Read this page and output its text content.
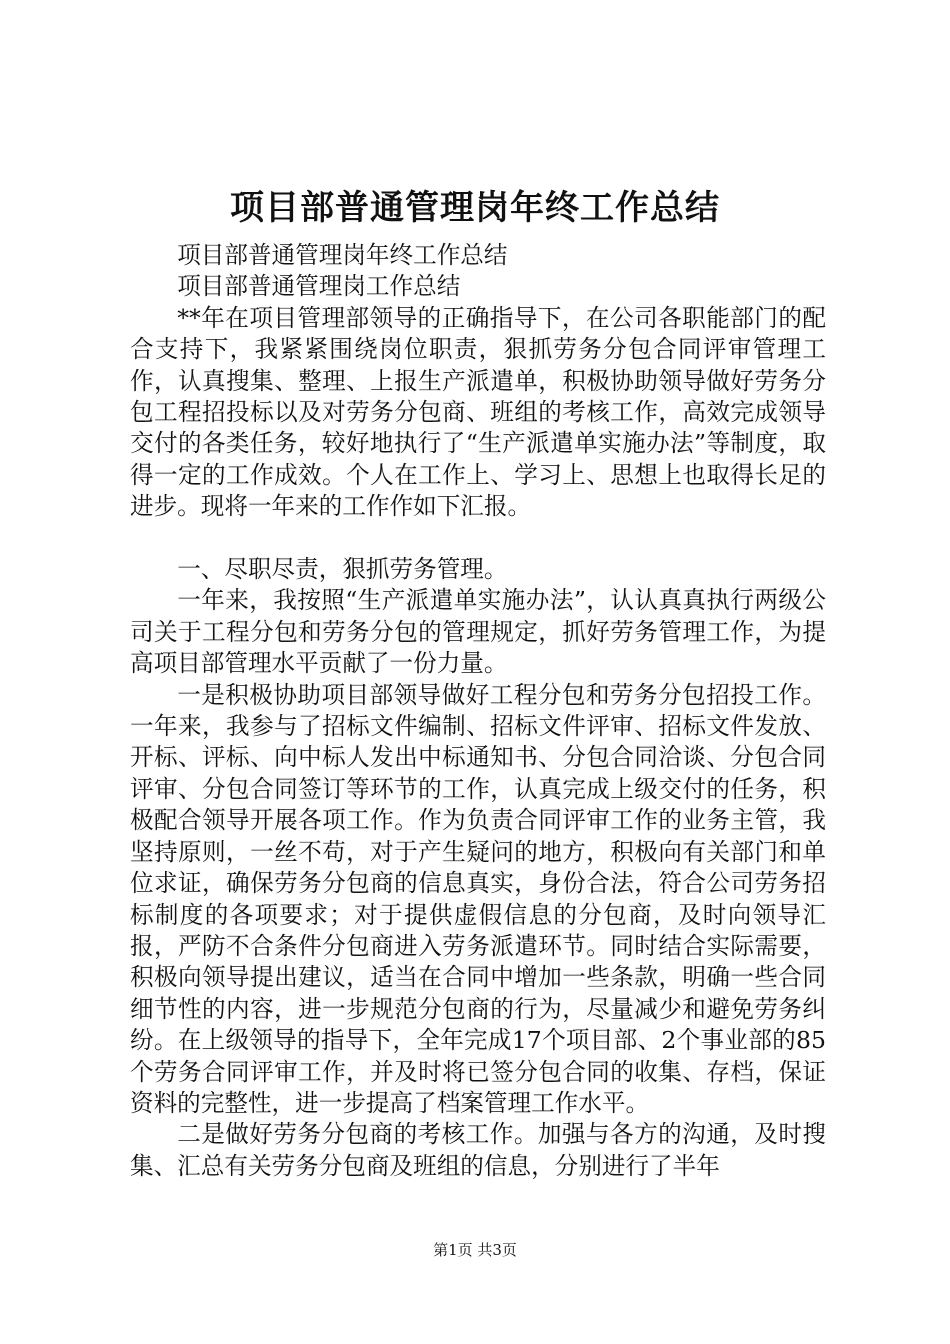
项目部普通管理岗年终工作总结

项目部普通管理岗年终工作总结

项目部普通管理岗工作总结

**年在项目管理部领导的正确指导下，在公司各职能部门的配合支持下，我紧紧围绕岗位职责，狠抓劳务分包合同评审管理工作，认真搜集、整理、上报生产派遣单，积极协助领导做好劳务分包工程招投标以及对劳务分包商、班组的考核工作，高效完成领导交付的各类任务，较好地执行了“生产派遣单实施办法”等制度，取得一定的工作成效。个人在工作上、学习上、思想上也取得长足的进步。现将一年来的工作作如下汇报。

一、尽职尽责，狠抓劳务管理。

一年来，我按照“生产派遣单实施办法”，认认真真执行两级公司关于工程分包和劳务分包的管理规定，抓好劳务管理工作，为提高项目部管理水平贡献了一份力量。

一是积极协助项目部领导做好工程分包和劳务分包招投工作。一年来，我参与了招标文件编制、招标文件评审、招标文件发放、开标、评标、向中标人发出中标通知书、分包合同洽谈、分包合同评审、分包合同签订等环节的工作，认真完成上级交付的任务，积极配合领导开展各项工作。作为负责合同评审工作的业务主管，我坚持原则，一丝不苟，对于产生疑问的地方，积极向有关部门和单位求证，确保劳务分包商的信息真实，身份合法，符合公司劳务招标制度的各项要求；对于提供虚假信息的分包商，及时向领导汇报，严防不合条件分包商进入劳务派遣环节。同时结合实际需要，积极向领导提出建议，适当在合同中增加一些条款，明确一些合同细节性的内容，进一步规范分包商的行为，尽量减少和避免劳务纠纷。在上级领导的指导下，全年完成17个项目部、2个事业部的85个劳务合同评审工作，并及时将已签分包合同的收集、存档，保证资料的完整性，进一步提高了档案管理工作水平。

二是做好劳务分包商的考核工作。加强与各方的沟通，及时搜集、汇总有关劳务分包商及班组的信息，分别进行了半年

第1页 共3页
